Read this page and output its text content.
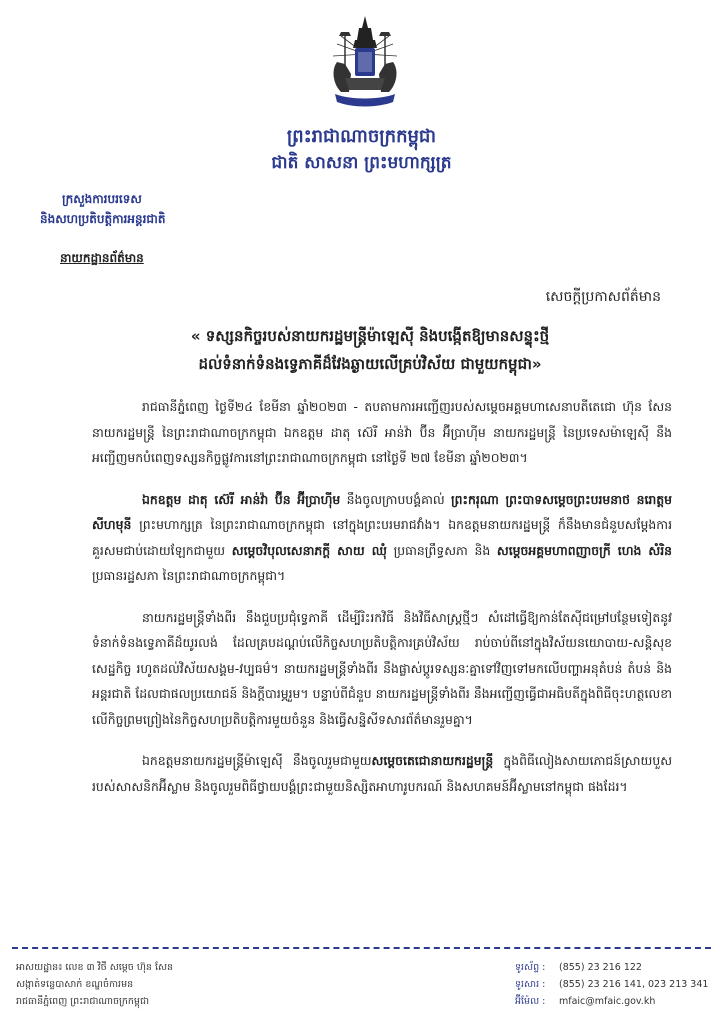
ព្រះរាជាណាចក្រកម្ពុជា
ជាតិ សាសនា ព្រះមហាក្សត្រ
ក្រសួងការបរទេស
និងសហប្រតិបត្តិការអន្តរជាតិ
នាយកដ្ឋានព័ត៌មាន
សេចក្តីប្រកាសព័ត៌មាន
« ទស្សនកិច្ចរបស់នាយករដ្ឋមន្ត្រីម៉ាឡេស៊ី និងបង្កើតឱ្យមានសន្ទុះថ្មី
ដល់ទំនាក់ទំនងទ្វេភាគីដ៏វែងឆ្ងាយលើគ្រប់វិស័យ ជាមួយកម្ពុជា»

រាជធានីភ្នំពេញ ថ្ងៃទី២៤ ខែមីនា ឆ្នាំ២០២៣ - តបតាមការអញ្ជើញរបស់សម្តេចអគ្គមហាសេនាបតីតេជោ ហ៊ុន សែន នាយករដ្ឋមន្ត្រី នៃព្រះរាជាណាចក្រកម្ពុជា ឯកឧត្តម ដាតុ ស៊េរី អាន់វ៉ា ប៊ីន អ៊ីប្រាហ៊ីម នាយករដ្ឋមន្ត្រី នៃប្រទេសម៉ាឡេស៊ី នឹងអញ្ជើញមកបំពេញទស្សនកិច្ចផ្លូវការនៅព្រះរាជាណាចក្រកម្ពុជា នៅថ្ងៃទី ២៧ ខែមីនា ឆ្នាំ២០២៣។

ឯកឧត្តម ដាតុ ស៊េរី អាន់វ៉ា ប៊ីន អ៊ីប្រាហ៊ីម នឹងចូលក្រាបបង្គំគាល់ ព្រះករុណា ព្រះបាទសម្តេចព្រះបរមនាថ នរោត្តម សីហមុនី ព្រះមហាក្សត្រ នៃព្រះរាជាណាចក្រកម្ពុជា នៅក្នុងព្រះបរមរាជវាំង។ ឯកឧត្តមនាយករដ្ឋមន្ត្រី ក៏នឹងមានជំនួបសម្តែងការគួរសមជាប់ដោយឡែកជាមួយ សម្តេចវិបុលសេនាភក្តី សាយ ឈុំ ប្រធានព្រឹទ្ធសភា និង សម្តេចអគ្គមហាពញាចក្រី ហេង សំរិន ប្រធានរដ្ឋសភា នៃព្រះរាជាណាចក្រកម្ពុជា។

នាយករដ្ឋមន្ត្រីទាំងពីរ នឹងជួបប្រជុំទ្វេភាគី ដើម្បីរិះរកវិធី និងវិធីសាស្ត្រថ្មីៗ សំដៅធ្វើឱ្យកាន់តែស៊ីជម្រៅបន្ថែមទៀតនូវទំនាក់ទំនងទ្វេភាគីដ៏យូរលង់ ដែលគ្របដណ្តប់លើកិច្ចសហប្រតិបត្តិការគ្រប់វិស័យ រាប់ចាប់ពីនៅក្នុងវិស័យនយោបាយ-សន្តិសុខ សេដ្ឋកិច្ច រហូតដល់វិស័យសង្គម-វប្បធម៌។ នាយករដ្ឋមន្ត្រីទាំងពីរ នឹងផ្លាស់ប្តូរទស្សនៈគ្នាទៅវិញទៅមកលើបញ្ហាអនុតំបន់ តំបន់ និងអន្តរជាតិ ដែលជាផលប្រយោជន៍ និងក្តីបារម្ភរួម។ បន្ទាប់ពីជំនួប នាយករដ្ឋមន្ត្រីទាំងពីរ នឹងអញ្ជើញធ្វើជាអធិបតីក្នុងពិធីចុះហត្ថលេខាលើកិច្ចព្រមព្រៀងនៃកិច្ចសហប្រតិបត្តិការមួយចំនួន និងធ្វើសន្និសីទសារព័ត៌មានរួមគ្នា។

ឯកឧត្តមនាយករដ្ឋមន្ត្រីម៉ាឡេស៊ី នឹងចូលរួមជាមួយសម្តេចតេជោនាយករដ្ឋមន្ត្រី ក្នុងពិធីលៀងសាយភោជន៍ស្រាយបួសរបស់សាសនិកអ៊ីស្លាម និងចូលរួមពិធីថ្វាយបង្គំព្រះជាមួយនិស្សិតអាហារូបករណ៍ និងសហគមន៍អ៊ីស្លាមនៅកម្ពុជា ផងដែរ។

អាសយដ្ឋាន៖ លេខ ៣ វិថី សម្តេច ហ៊ុន សែន
សង្កាត់ទន្លេបាសាក់ ខណ្ឌចំការមន
រាជធានីភ្នំពេញ ព្រះរាជាណាចក្រកម្ពុជា
ទូរស័ព្ទ : (855) 23 216 122
ទូរសារ : (855) 23 216 141, 023 213 341
អ៊ីម៉ែល : mfaic@mfaic.gov.kh
